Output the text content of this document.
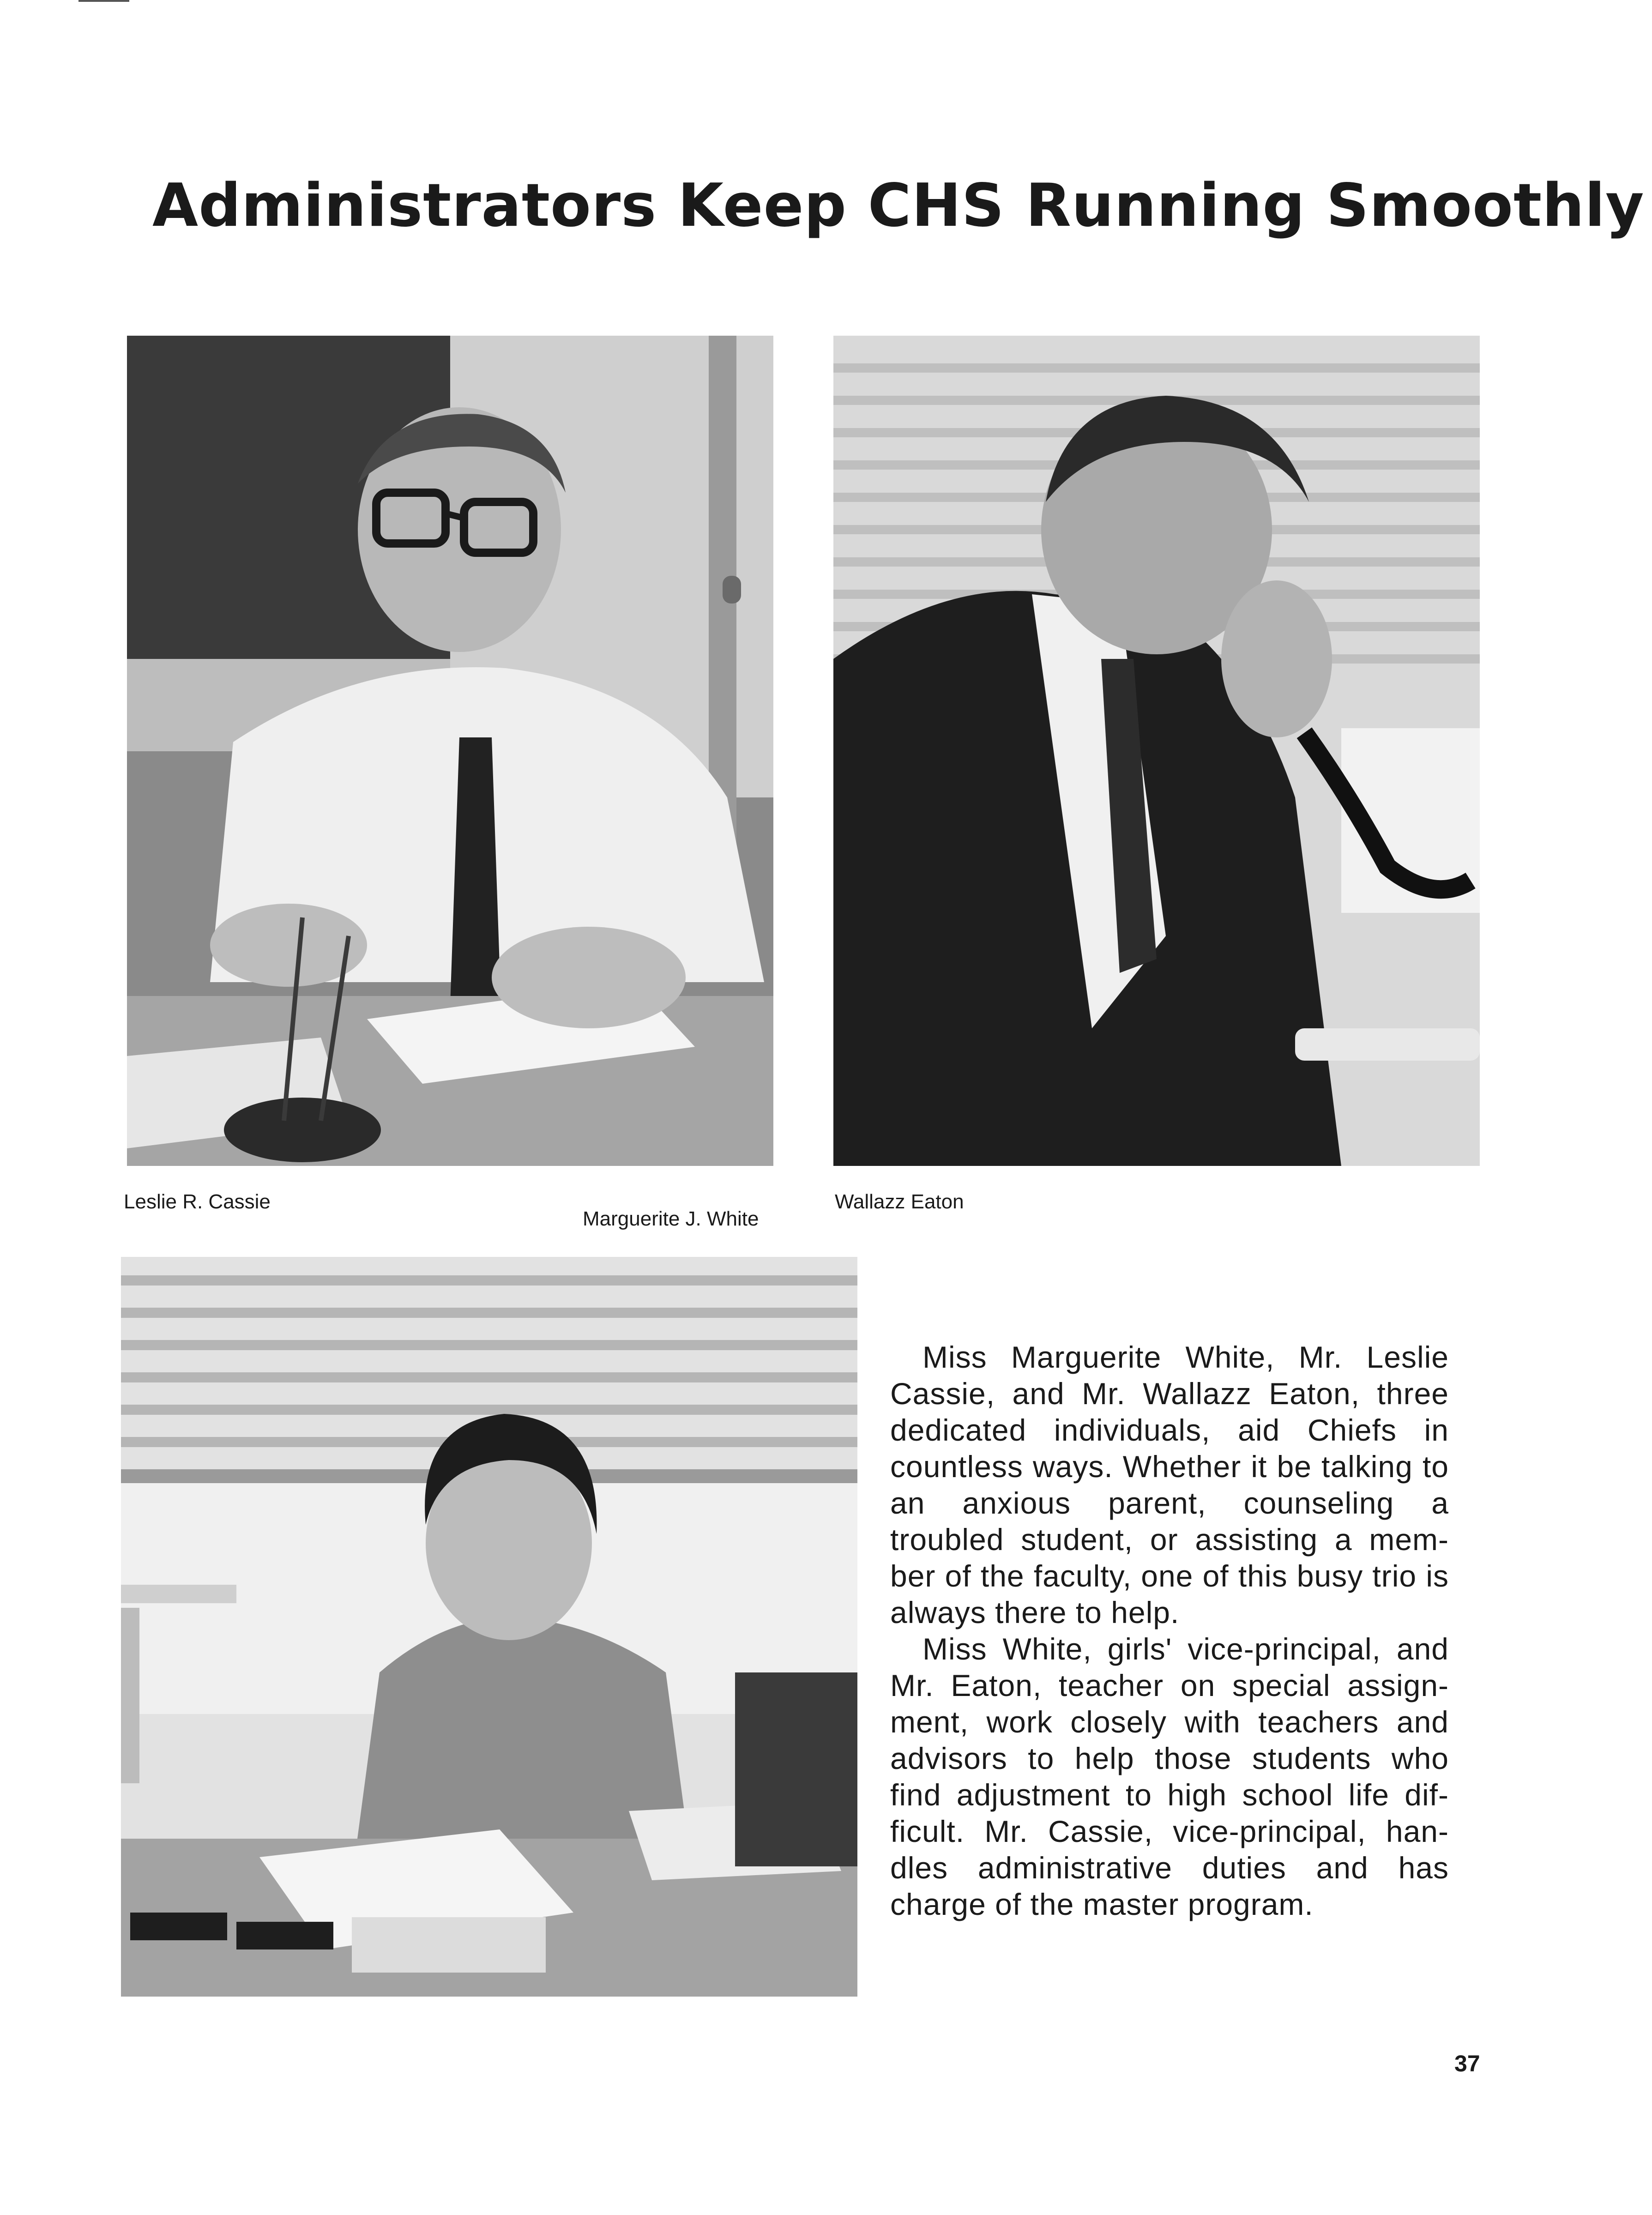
Administrators Keep CHS Running Smoothly
Leslie R. Cassie
Marguerite J. White
Wallazz Eaton

Miss Marguerite White, Mr. Leslie Cassie, and Mr. Wallazz Eaton, three dedicated individuals, aid Chiefs in countless ways. Whether it be talking to an anxious parent, counseling a troubled student, or assisting a mem-ber of the faculty, one of this busy trio is always there to help.

Miss White, girls' vice-principal, and Mr. Eaton, teacher on special assign-ment, work closely with teachers and advisors to help those students who find adjustment to high school life dif-ficult. Mr. Cassie, vice-principal, han-dles administrative duties and has charge of the master program.

37
